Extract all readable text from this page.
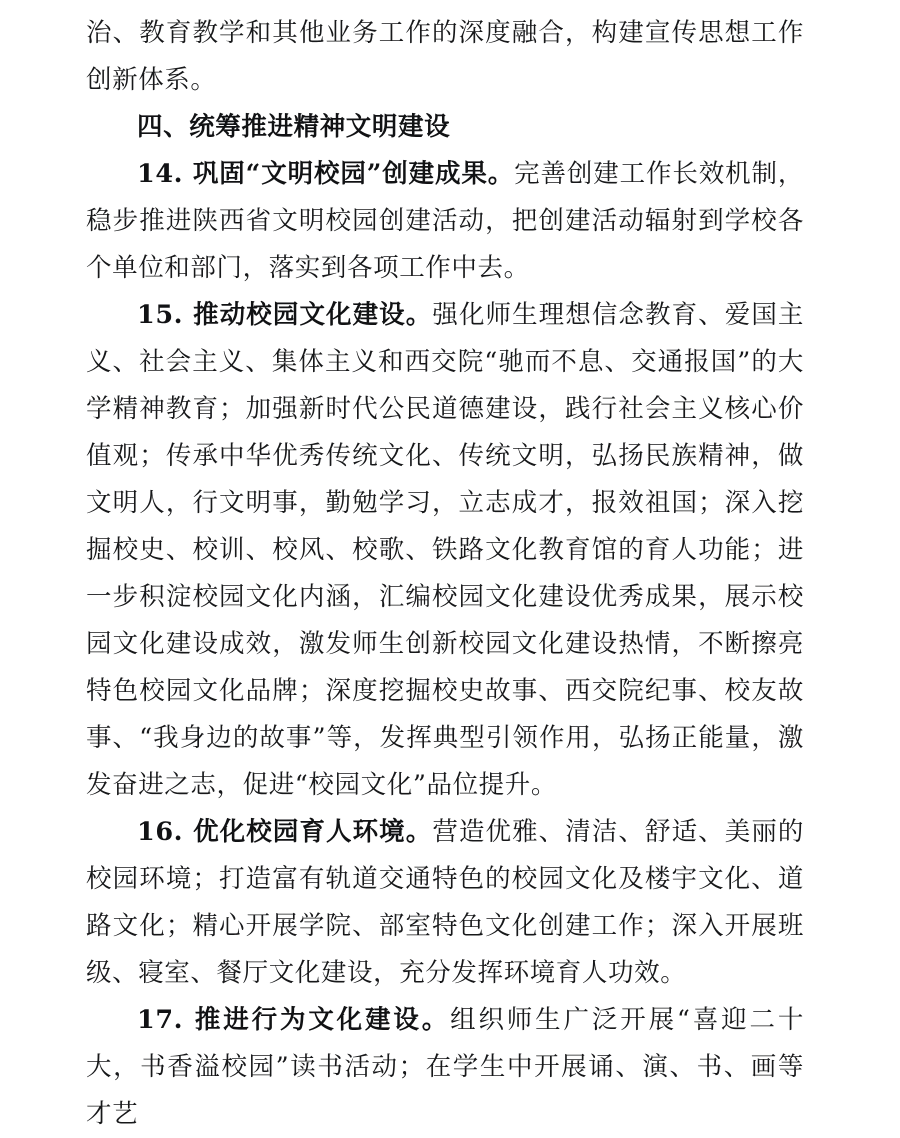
治、教育教学和其他业务工作的深度融合，构建宣传思想工作创新体系。

四、统筹推进精神文明建设

14. 巩固“文明校园”创建成果。完善创建工作长效机制，稳步推进陕西省文明校园创建活动，把创建活动辐射到学校各个单位和部门，落实到各项工作中去。

15. 推动校园文化建设。强化师生理想信念教育、爱国主义、社会主义、集体主义和西交院“驰而不息、交通报国”的大学精神教育；加强新时代公民道德建设，践行社会主义核心价值观；传承中华优秀传统文化、传统文明，弘扬民族精神，做文明人，行文明事，勤勉学习，立志成才，报效祖国；深入挖掘校史、校训、校风、校歌、铁路文化教育馆的育人功能；进一步积淀校园文化内涵，汇编校园文化建设优秀成果，展示校园文化建设成效，激发师生创新校园文化建设热情，不断擦亮特色校园文化品牌；深度挖掘校史故事、西交院纪事、校友故事、“我身边的故事”等，发挥典型引领作用，弘扬正能量，激发奋进之志，促进“校园文化”品位提升。

16. 优化校园育人环境。营造优雅、清洁、舒适、美丽的校园环境；打造富有轨道交通特色的校园文化及楼宇文化、道路文化；精心开展学院、部室特色文化创建工作；深入开展班级、寝室、餐厅文化建设，充分发挥环境育人功效。

17. 推进行为文化建设。组织师生广泛开展“喜迎二十大，书香溢校园”读书活动；在学生中开展诵、演、书、画等才艺
